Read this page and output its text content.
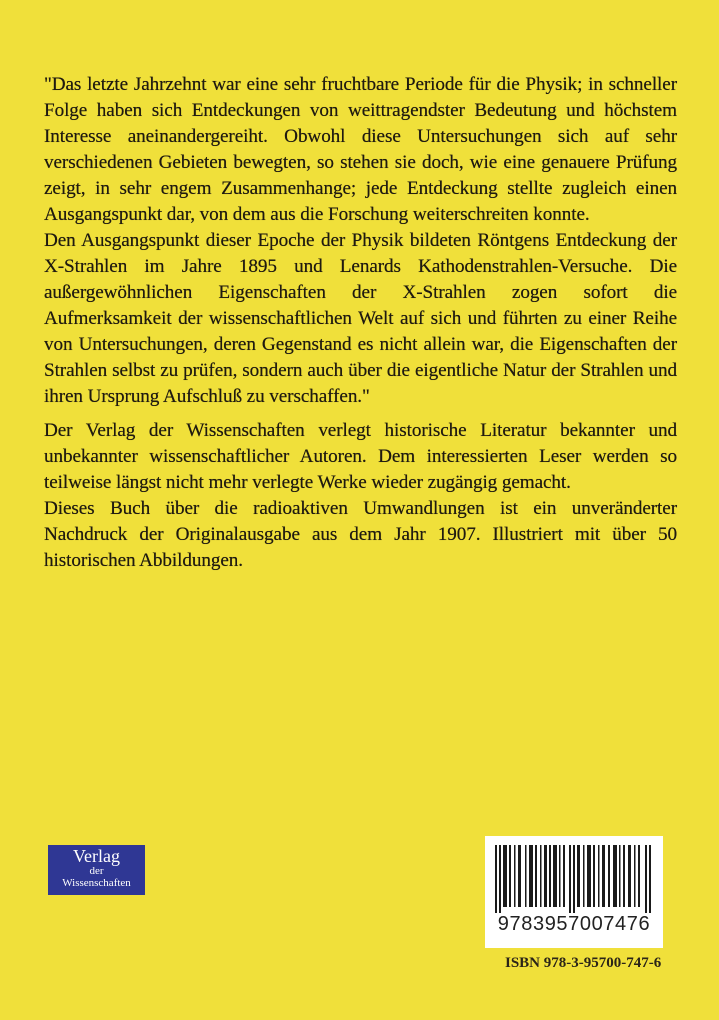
"Das letzte Jahrzehnt war eine sehr fruchtbare Periode für die Physik; in schneller Folge haben sich Entdeckungen von weittragendster Bedeutung und höchstem Interesse aneinandergereiht. Obwohl diese Untersuchungen sich auf sehr verschiedenen Gebieten bewegten, so stehen sie doch, wie eine genauere Prüfung zeigt, in sehr engem Zusammenhange; jede Entdeckung stellte zugleich einen Ausgangspunkt dar, von dem aus die Forschung weiterschreiten konnte.

Den Ausgangspunkt dieser Epoche der Physik bildeten Röntgens Entdeckung der X-Strahlen im Jahre 1895 und Lenards Kathodenstrahlen-Versuche. Die außergewöhnlichen Eigenschaften der X-Strahlen zogen sofort die Aufmerksamkeit der wissenschaftlichen Welt auf sich und führten zu einer Reihe von Untersuchungen, deren Gegenstand es nicht allein war, die Eigenschaften der Strahlen selbst zu prüfen, sondern auch über die eigentliche Natur der Strahlen und ihren Ursprung Aufschluß zu verschaffen."

Der Verlag der Wissenschaften verlegt historische Literatur bekannter und unbekannter wissenschaftlicher Autoren. Dem interessierten Leser werden so teilweise längst nicht mehr verlegte Werke wieder zugängig gemacht.

Dieses Buch über die radioaktiven Umwandlungen ist ein unveränderter Nachdruck der Originalausgabe aus dem Jahr 1907. Illustriert mit über 50 historischen Abbildungen.

Verlag
der
Wissenschaften
9783957007476
ISBN 978-3-95700-747-6
